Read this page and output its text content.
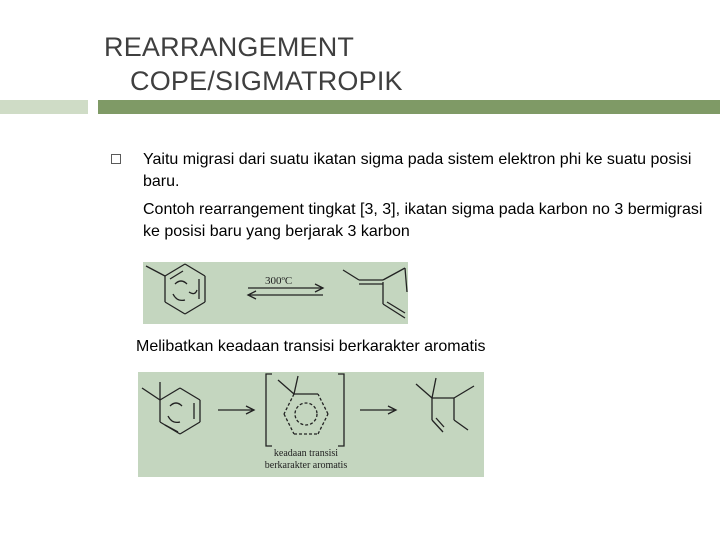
REARRANGEMENT
COPE/SIGMATROPIK
Yaitu migrasi dari suatu ikatan sigma pada sistem elektron phi ke suatu posisi baru.
Contoh rearrangement tingkat [3, 3], ikatan sigma pada karbon no 3 bermigrasi ke posisi baru yang berjarak 3 karbon
300ºC
Melibatkan keadaan transisi berkarakter aromatis
keadaan transisi
berkarakter aromatis
